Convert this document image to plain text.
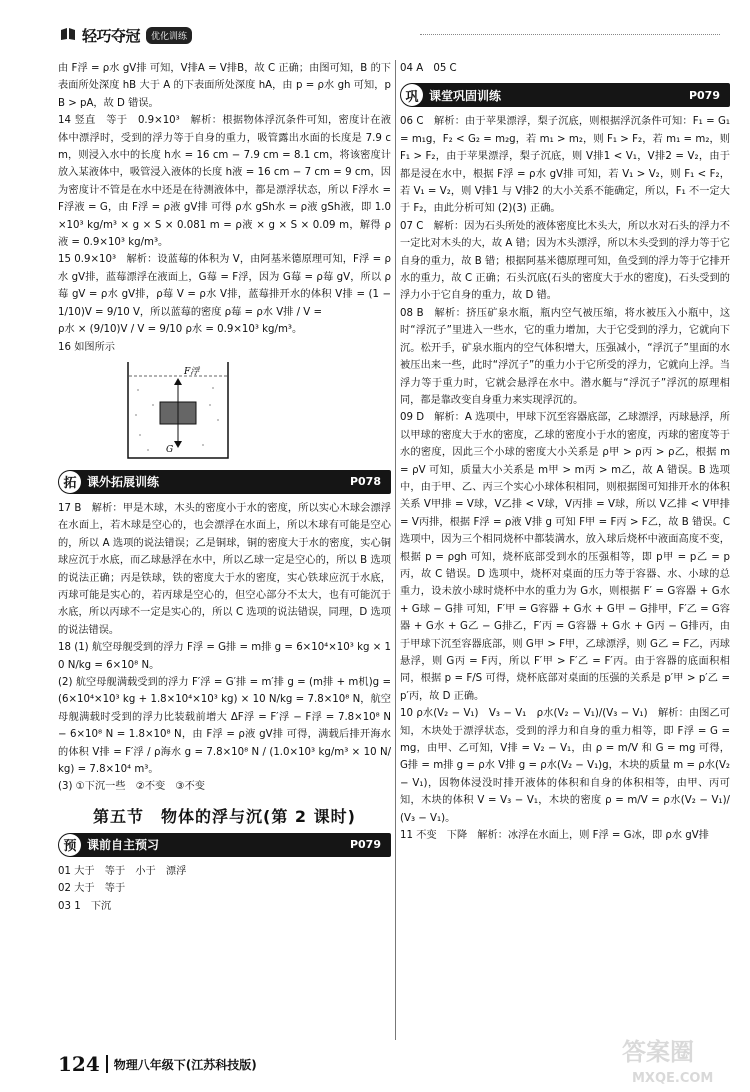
轻巧夺冠	优化训练

由 F浮 = ρ水 gV排 可知，V排A = V排B，故 C 正确；由图可知，B 的下表面所处深度 hB 大于 A 的下表面所处深度 hA，由 p = ρ水 gh 可知，pB > pA，故 D 错误。

14 竖直　等于　0.9×10³　解析：根据物体浮沉条件可知，密度计在液体中漂浮时，受到的浮力等于自身的重力，吸管露出水面的长度是 7.9 cm，则浸入水中的长度 h水 = 16 cm − 7.9 cm = 8.1 cm，将该密度计放入某液体中，吸管浸入液体的长度 h液 = 16 cm − 7 cm = 9 cm，因为密度计不管是在水中还是在待测液体中，都是漂浮状态，所以 F浮水 = F浮液 = G，由 F浮 = ρ液 gV排 可得 ρ水 gSh水 = ρ液 gSh液，即 1.0×10³ kg/m³ × g × S × 0.081 m = ρ液 × g × S × 0.09 m，解得 ρ液 = 0.9×10³ kg/m³。

15 0.9×10³　解析：设蓝莓的体积为 V，由阿基米德原理可知，F浮 = ρ水 gV排，蓝莓漂浮在液面上，G莓 = F浮，因为 G莓 = ρ莓 gV，所以 ρ莓 gV = ρ水 gV排，ρ莓 V = ρ水 V排，蓝莓排开水的体积 V排 = (1 − 1/10)V = 9/10 V，所以蓝莓的密度 ρ莓 = ρ水 V排 / V =

ρ水 × (9/10)V / V = 9/10 ρ水 = 0.9×10³ kg/m³。

16 如图所示

F浮
G
拓 课外拓展训练	P078

17 B　解析：甲是木球，木头的密度小于水的密度，所以实心木球会漂浮在水面上，若木球是空心的，也会漂浮在水面上，所以木球有可能是空心的，所以 A 选项的说法错误；乙是铜球，铜的密度大于水的密度，实心铜球应沉于水底，而乙球悬浮在水中，所以乙球一定是空心的，所以 B 选项的说法正确；丙是铁球，铁的密度大于水的密度，实心铁球应沉于水底，丙球可能是实心的，若丙球是空心的，但空心部分不太大，也有可能沉于水底，所以丙球不一定是实心的，所以 C 选项的说法错误，同理，D 选项的说法错误。

18 (1) 航空母舰受到的浮力 F浮 = G排 = m排 g = 6×10⁴×10³ kg × 10 N/kg = 6×10⁸ N。

(2) 航空母舰满载受到的浮力 F′浮 = G′排 = m′排 g = (m排 + m机)g = (6×10⁴×10³ kg + 1.8×10⁴×10³ kg) × 10 N/kg = 7.8×10⁸ N，航空母舰满载时受到的浮力比装载前增大 ΔF浮 = F′浮 − F浮 = 7.8×10⁸ N − 6×10⁸ N = 1.8×10⁸ N，由 F浮 = ρ液 gV排 可得，满载后排开海水的体积 V排 = F′浮 / ρ海水 g = 7.8×10⁸ N / (1.0×10³ kg/m³ × 10 N/kg) = 7.8×10⁴ m³。

(3) ①下沉一些　②不变　③不变

第五节　物体的浮与沉(第 2 课时)
预 课前自主预习	P079

01 大于　等于　小于　漂浮

02 大于　等于

03 1　下沉

04 A　05 C

巩 课堂巩固训练	P079

06 C　解析：由于苹果漂浮，梨子沉底，则根据浮沉条件可知：F₁ = G₁ = m₁g，F₂ < G₂ = m₂g，若 m₁ > m₂，则 F₁ > F₂，若 m₁ = m₂，则 F₁ > F₂，由于苹果漂浮，梨子沉底，则 V排1 < V₁，V排2 = V₂，由于都是浸在水中，根据 F浮 = ρ水 gV排 可知，若 V₁ > V₂，则 F₁ < F₂，若 V₁ = V₂，则 V排1 与 V排2 的大小关系不能确定，所以，F₁ 不一定大于 F₂，由此分析可知 (2)(3) 正确。

07 C　解析：因为石头所处的液体密度比木头大，所以水对石头的浮力不一定比对木头的大，故 A 错；因为木头漂浮，所以木头受到的浮力等于它自身的重力，故 B 错；根据阿基米德原理可知，鱼受到的浮力等于它排开水的重力，故 C 正确；石头沉底(石头的密度大于水的密度)，石头受到的浮力小于它自身的重力，故 D 错。

08 B　解析：挤压矿泉水瓶，瓶内空气被压缩，将水被压入小瓶中，这时“浮沉子”里进入一些水，它的重力增加，大于它受到的浮力，它就向下沉。松开手，矿泉水瓶内的空气体积增大，压强减小，“浮沉子”里面的水被压出来一些，此时“浮沉子”的重力小于它所受的浮力，它就向上浮。当浮力等于重力时，它就会悬浮在水中。潜水艇与“浮沉子”浮沉的原理相同，都是靠改变自身重力来实现浮沉的。

09 D　解析：A 选项中，甲球下沉至容器底部，乙球漂浮，丙球悬浮，所以甲球的密度大于水的密度，乙球的密度小于水的密度，丙球的密度等于水的密度，因此三个小球的密度大小关系是 ρ甲 > ρ丙 > ρ乙，根据 m = ρV 可知，质量大小关系是 m甲 > m丙 > m乙，故 A 错误。B 选项中，由于甲、乙、丙三个实心小球体积相同，则根据图可知排开水的体积关系 V甲排 = V球，V乙排 < V球，V丙排 = V球，所以 V乙排 < V甲排 = V丙排，根据 F浮 = ρ液 V排 g 可知 F甲 = F丙 > F乙，故 B 错误。C 选项中，因为三个相同烧杯中都装满水，放入球后烧杯中液面高度不变，根据 p = ρgh 可知，烧杯底部受到水的压强相等，即 p甲 = p乙 = p丙，故 C 错误。D 选项中，烧杯对桌面的压力等于容器、水、小球的总重力，设未放小球时烧杯中水的重力为 G水，则根据 F′ = G容器 + G水 + G球 − G排 可知，F′甲 = G容器 + G水 + G甲 − G排甲，F′乙 = G容器 + G水 + G乙 − G排乙，F′丙 = G容器 + G水 + G丙 − G排丙，由于甲球下沉至容器底部，则 G甲 > F甲，乙球漂浮，则 G乙 = F乙，丙球悬浮，则 G丙 = F丙，所以 F′甲 > F′乙 = F′丙。由于容器的底面积相同，根据 p = F/S 可得，烧杯底部对桌面的压强的关系是 p′甲 > p′乙 = p′丙，故 D 正确。

10 ρ水(V₂ − V₁)　V₃ − V₁　ρ水(V₂ − V₁)/(V₃ − V₁)　解析：由图乙可知，木块处于漂浮状态，受到的浮力和自身的重力相等，即 F浮 = G = mg，由甲、乙可知，V排 = V₂ − V₁，由 ρ = m/V 和 G = mg 可得，G排 = m排 g = ρ水 V排 g = ρ水(V₂ − V₁)g，木块的质量 m = ρ水(V₂ − V₁)，因物体浸没时排开液体的体积和自身的体积相等，由甲、丙可知，木块的体积 V = V₃ − V₁，木块的密度 ρ = m/V = ρ水(V₂ − V₁)/(V₃ − V₁)。

11 不变　下降　解析：冰浮在水面上，则 F浮 = G冰，即 ρ水 gV排

124 物理八年级下(江苏科技版)	答案圈
MXQE.COM
